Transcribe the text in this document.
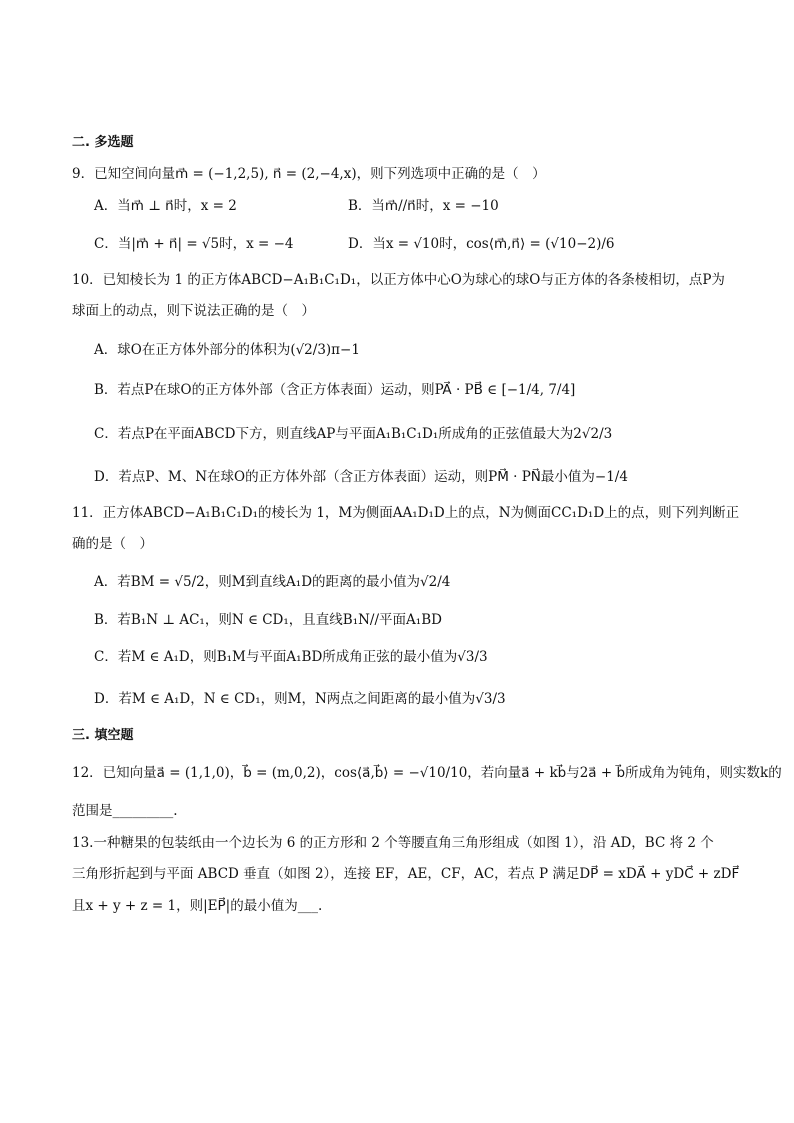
二. 多选题
9．已知空间向量m⃗ = (−1,2,5), n⃗ = (2,−4,x)，则下列选项中正确的是（　）
A．当m⃗ ⊥ n⃗时，x = 2	B．当m⃗//n⃗时，x = −10
C．当|m⃗ + n⃗| = √5时，x = −4	D．当x = √10时，cos⟨m⃗,n⃗⟩ = (√10−2)/6
10．已知棱长为 1 的正方体ABCD−A₁B₁C₁D₁，以正方体中心O为球心的球O与正方体的各条棱相切，点P为
球面上的动点，则下说法正确的是（　）
A．球O在正方体外部分的体积为(√2/3)π−1
B．若点P在球O的正方体外部（含正方体表面）运动，则PA⃗ · PB⃗ ∈ [−1/4, 7/4]
C．若点P在平面ABCD下方，则直线AP与平面A₁B₁C₁D₁所成角的正弦值最大为2√2/3
D．若点P、M、N在球O的正方体外部（含正方体表面）运动，则PM⃗ · PN⃗最小值为−1/4
11．正方体ABCD−A₁B₁C₁D₁的棱长为 1，M为侧面AA₁D₁D上的点，N为侧面CC₁D₁D上的点，则下列判断正
确的是（　）
A．若BM = √5/2，则M到直线A₁D的距离的最小值为√2/4
B．若B₁N ⊥ AC₁，则N ∈ CD₁，且直线B₁N//平面A₁BD
C．若M ∈ A₁D，则B₁M与平面A₁BD所成角正弦的最小值为√3/3
D．若M ∈ A₁D，N ∈ CD₁，则M，N两点之间距离的最小值为√3/3
三. 填空题
12．已知向量a⃗ = (1,1,0)，b⃗ = (m,0,2)，cos⟨a⃗,b⃗⟩ = −√10/10，若向量a⃗ + kb⃗与2a⃗ + b⃗所成角为钝角，则实数k的
范围是_________.
13.一种糖果的包装纸由一个边长为 6 的正方形和 2 个等腰直角三角形组成（如图 1），沿 AD，BC 将 2 个
三角形折起到与平面 ABCD 垂直（如图 2），连接 EF，AE，CF，AC，若点 P 满足DP⃗ = xDA⃗ + yDC⃗ + zDF⃗
且x + y + z = 1，则|EP⃗|的最小值为___.
